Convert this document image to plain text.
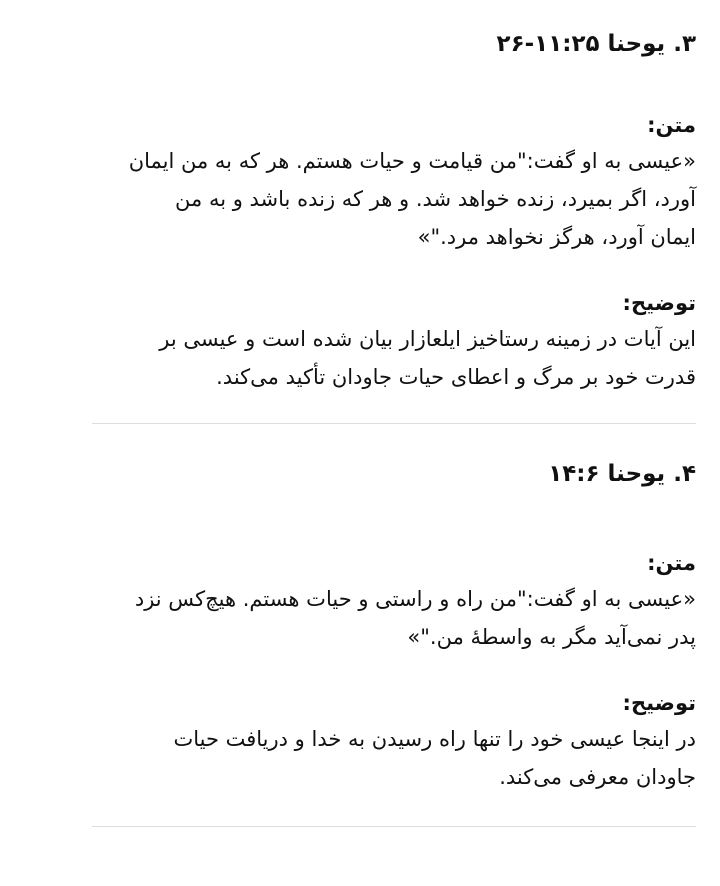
۳. یوحنا ۱۱:۲۵-۲۶

متن:

«عیسی به او گفت:"من قیامت و حیات هستم. هر که به من ایمان

آورد، اگر بمیرد، زنده خواهد شد. و هر که زنده باشد و به من

ایمان آورد، هرگز نخواهد مرد."»

توضیح:

این آیات در زمینه رستاخیز ایلعازار بیان شده است و عیسی بر

قدرت خود بر مرگ و اعطای حیات جاودان تأکید می‌کند.

۴. یوحنا ۱۴:۶

متن:

«عیسی به او گفت:"من راه و راستی و حیات هستم. هیچ‌کس نزد

پدر نمی‌آید مگر به واسطهٔ من."»

توضیح:

در اینجا عیسی خود را تنها راه رسیدن به خدا و دریافت حیات

جاودان معرفی می‌کند.
